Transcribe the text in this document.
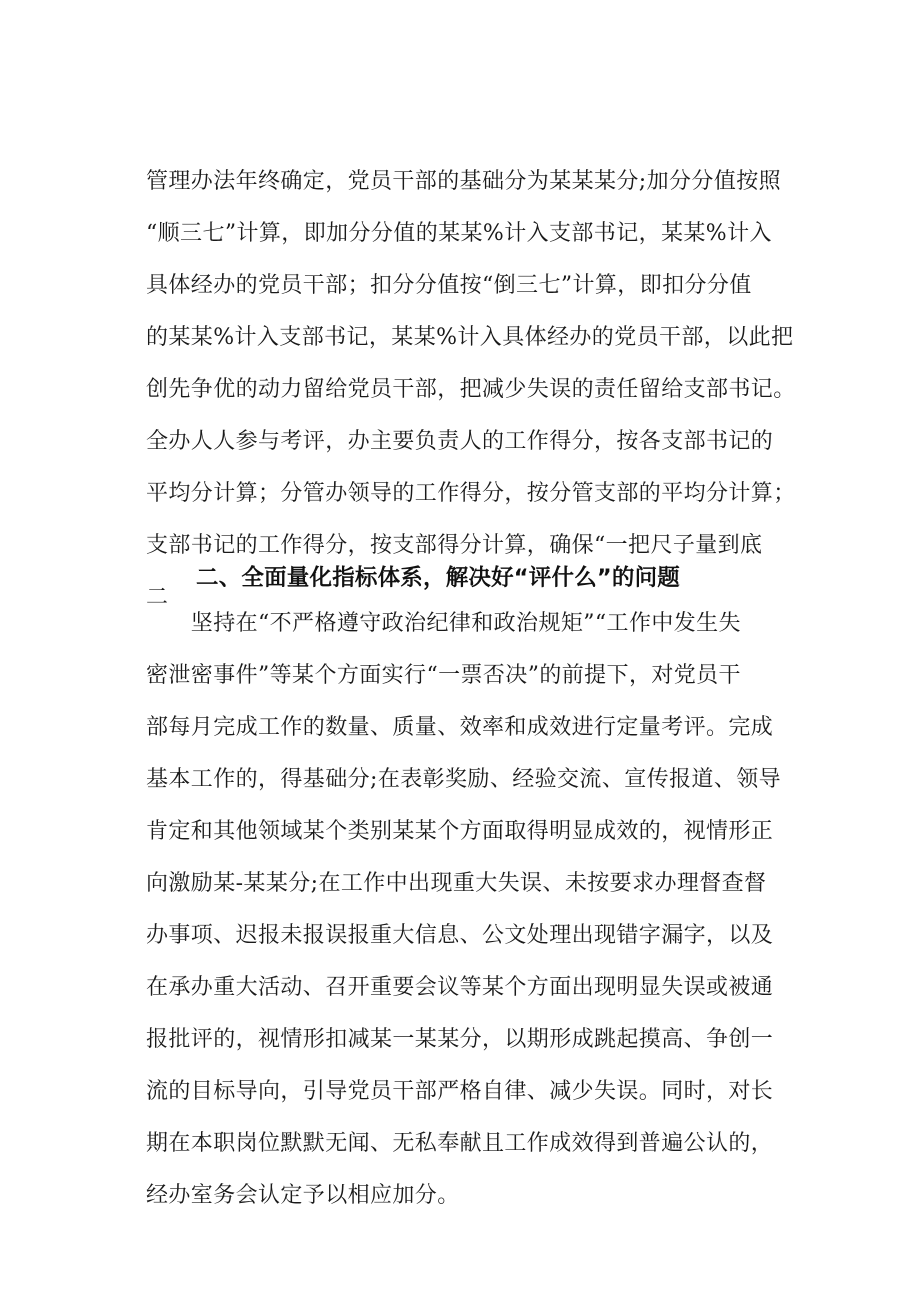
管理办法年终确定，党员干部的基础分为某某某分;加分分值按照
“顺三七”计算，即加分分值的某某%计入支部书记，某某%计入
具体经办的党员干部；扣分分值按“倒三七”计算，即扣分分值
的某某%计入支部书记，某某%计入具体经办的党员干部，以此把
创先争优的动力留给党员干部，把减少失误的责任留给支部书记。
全办人人参与考评，办主要负责人的工作得分，按各支部书记的
平均分计算；分管办领导的工作得分，按分管支部的平均分计算；
支部书记的工作得分，按支部得分计算，确保“一把尺子量到底
二
二、全面量化指标体系，解决好“评什么”的问题
　　坚持在“不严格遵守政治纪律和政治规矩”“工作中发生失
密泄密事件”等某个方面实行“一票否决”的前提下，对党员干
部每月完成工作的数量、质量、效率和成效进行定量考评。完成
基本工作的，得基础分;在表彰奖励、经验交流、宣传报道、领导
肯定和其他领域某个类别某某个方面取得明显成效的，视情形正
向激励某-某某分;在工作中出现重大失误、未按要求办理督查督
办事项、迟报未报误报重大信息、公文处理出现错字漏字，以及
在承办重大活动、召开重要会议等某个方面出现明显失误或被通
报批评的，视情形扣减某一某某分，以期形成跳起摸高、争创一
流的目标导向，引导党员干部严格自律、减少失误。同时，对长
期在本职岗位默默无闻、无私奉献且工作成效得到普遍公认的，
经办室务会认定予以相应加分。
